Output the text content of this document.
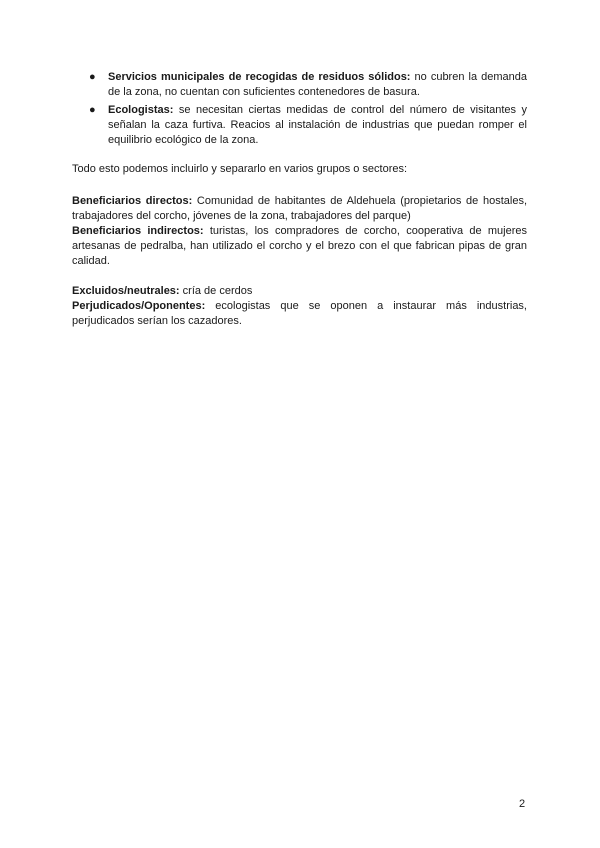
● Servicios municipales de recogidas de residuos sólidos: no cubren la demanda de la zona, no cuentan con suficientes contenedores de basura.
● Ecologistas: se necesitan ciertas medidas de control del número de visitantes y señalan la caza furtiva. Reacios al instalación de industrias que puedan romper el equilibrio ecológico de la zona.

Todo esto podemos incluirlo y separarlo en varios grupos o sectores:

Beneficiarios directos: Comunidad de habitantes de Aldehuela (propietarios de hostales, trabajadores del corcho, jóvenes de la zona, trabajadores del parque)

Beneficiarios indirectos: turistas, los compradores de corcho, cooperativa de mujeres artesanas de pedralba, han utilizado el corcho y el brezo con el que fabrican pipas de gran calidad.

Excluidos/neutrales: cría de cerdos

Perjudicados/Oponentes: ecologistas que se oponen a instaurar más industrias, perjudicados serían los cazadores.

2
